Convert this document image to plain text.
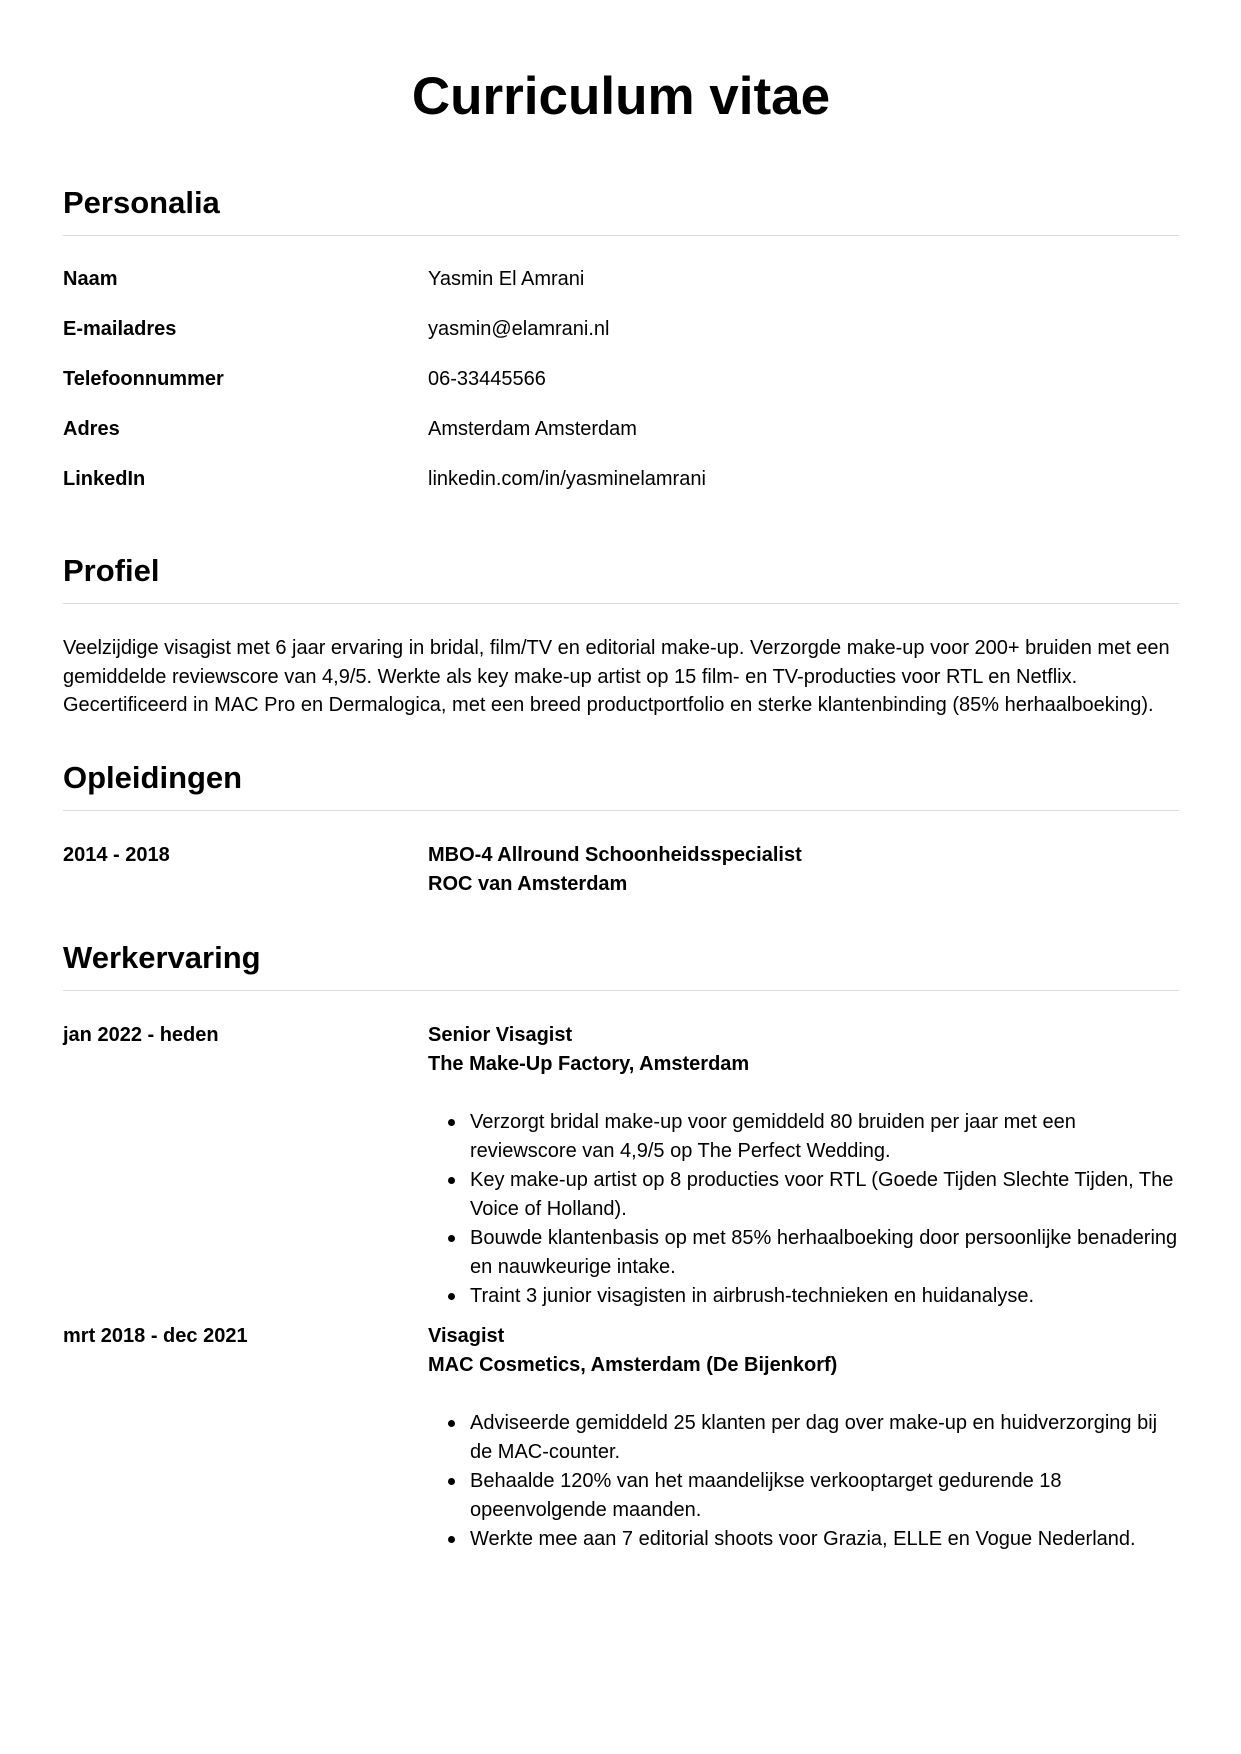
Curriculum vitae
Personalia
Naam	Yasmin El Amrani
E-mailadres	yasmin@elamrani.nl
Telefoonnummer	06-33445566
Adres	Amsterdam Amsterdam
LinkedIn	linkedin.com/in/yasminelamrani
Profiel

Veelzijdige visagist met 6 jaar ervaring in bridal, film/TV en editorial make-up. Verzorgde make-up voor 200+ bruiden met een gemiddelde reviewscore van 4,9/5. Werkte als key make-up artist op 15 film- en TV-producties voor RTL en Netflix. Gecertificeerd in MAC Pro en Dermalogica, met een breed productportfolio en sterke klantenbinding (85% herhaalboeking).

Opleidingen
2014 - 2018	MBO-4 Allround Schoonheidsspecialist
ROC van Amsterdam
Werkervaring
jan 2022 - heden	Senior Visagist
The Make-Up Factory, Amsterdam
Verzorgt bridal make-up voor gemiddeld 80 bruiden per jaar met een reviewscore van 4,9/5 op The Perfect Wedding.
Key make-up artist op 8 producties voor RTL (Goede Tijden Slechte Tijden, The Voice of Holland).
Bouwde klantenbasis op met 85% herhaalboeking door persoonlijke benadering en nauwkeurige intake.
Traint 3 junior visagisten in airbrush-technieken en huidanalyse.
mrt 2018 - dec 2021	Visagist
MAC Cosmetics, Amsterdam (De Bijenkorf)
Adviseerde gemiddeld 25 klanten per dag over make-up en huidverzorging bij de MAC-counter.
Behaalde 120% van het maandelijkse verkooptarget gedurende 18 opeenvolgende maanden.
Werkte mee aan 7 editorial shoots voor Grazia, ELLE en Vogue Nederland.
